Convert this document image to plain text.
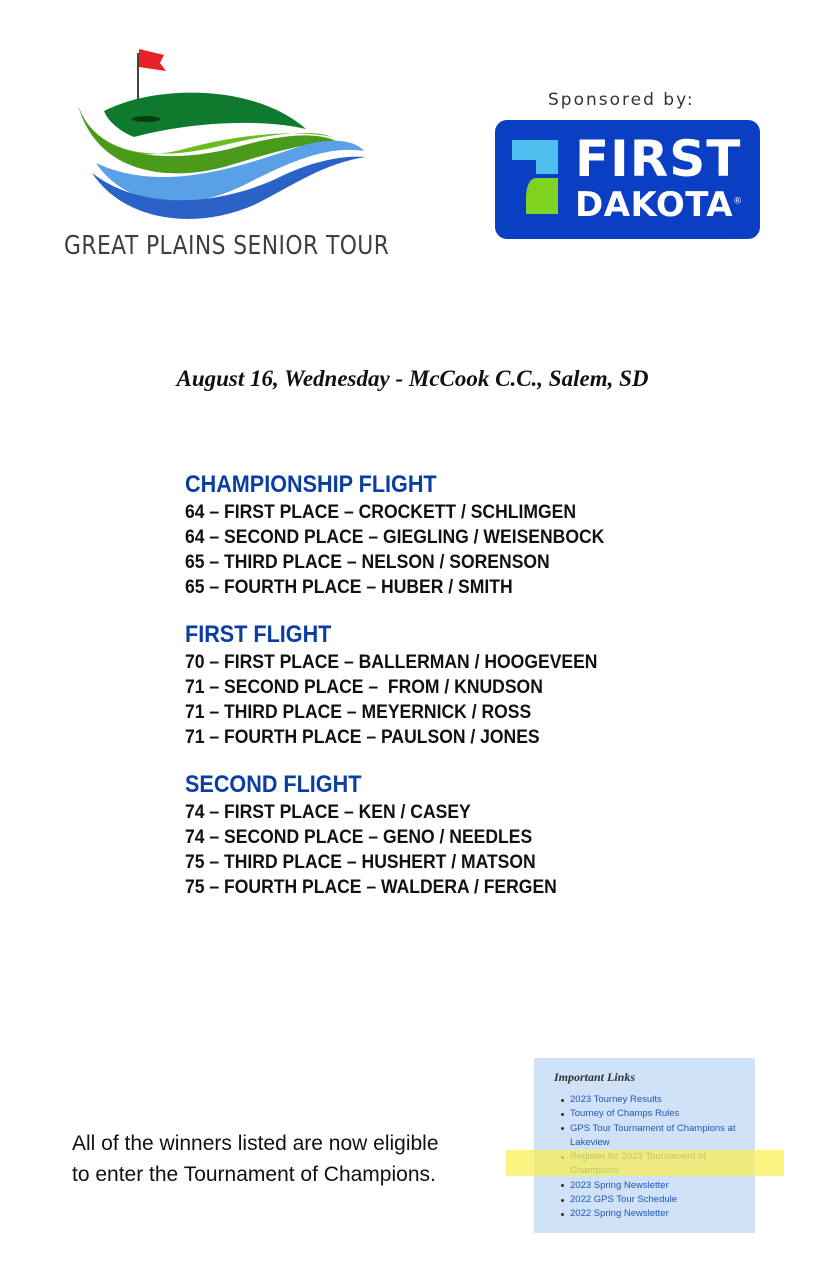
GREAT PLAINS SENIOR TOUR
Sponsored by:
FIRST
DAKOTA®
August 16, Wednesday - McCook C.C., Salem, SD
CHAMPIONSHIP FLIGHT
64 – FIRST PLACE – CROCKETT / SCHLIMGEN
64 – SECOND PLACE – GIEGLING / WEISENBOCK
65 – THIRD PLACE – NELSON / SORENSON
65 – FOURTH PLACE – HUBER / SMITH
FIRST FLIGHT
70 – FIRST PLACE – BALLERMAN / HOOGEVEEN
71 – SECOND PLACE –  FROM / KNUDSON
71 – THIRD PLACE – MEYERNICK / ROSS
71 – FOURTH PLACE – PAULSON / JONES
SECOND FLIGHT
74 – FIRST PLACE – KEN / CASEY
74 – SECOND PLACE – GENO / NEEDLES
75 – THIRD PLACE – HUSHERT / MATSON
75 – FOURTH PLACE – WALDERA / FERGEN
All of the winners listed are now eligible
to enter the Tournament of Champions.
Important Links
2023 Tourney Results
Tourney of Champs Rules
GPS Tour Tournament of Champions at Lakeview
2023 Spring Newsletter
2022 GPS Tour Schedule
2022 Spring Newsletter
